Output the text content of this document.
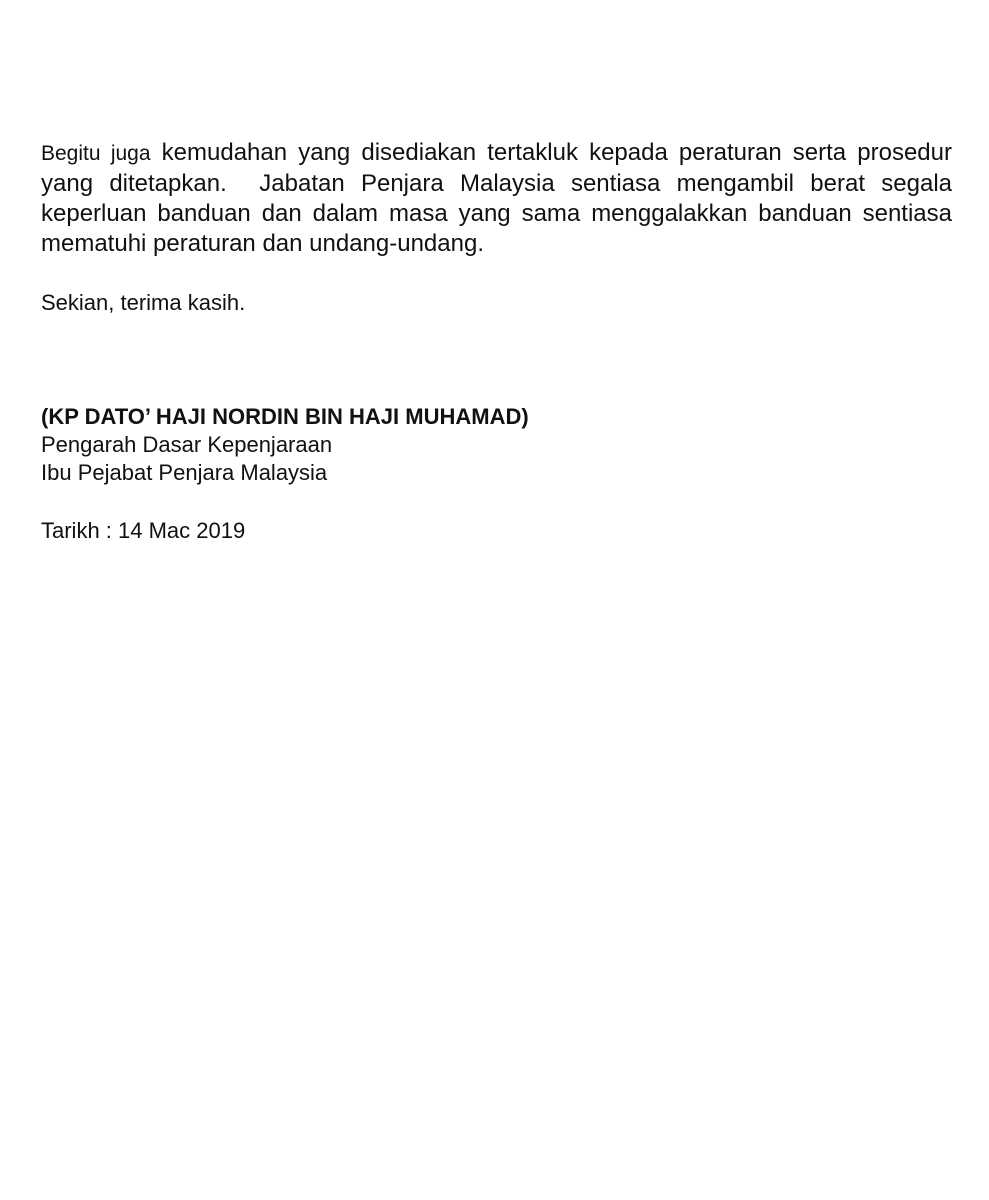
Begitu juga kemudahan yang disediakan tertakluk kepada peraturan serta prosedur yang ditetapkan.  Jabatan Penjara Malaysia sentiasa mengambil berat segala keperluan banduan dan dalam masa yang sama menggalakkan banduan sentiasa mematuhi peraturan dan undang-undang.

Sekian, terima kasih.

(KP DATO’ HAJI NORDIN BIN HAJI MUHAMAD)

Pengarah Dasar Kepenjaraan

Ibu Pejabat Penjara Malaysia

Tarikh : 14 Mac 2019
